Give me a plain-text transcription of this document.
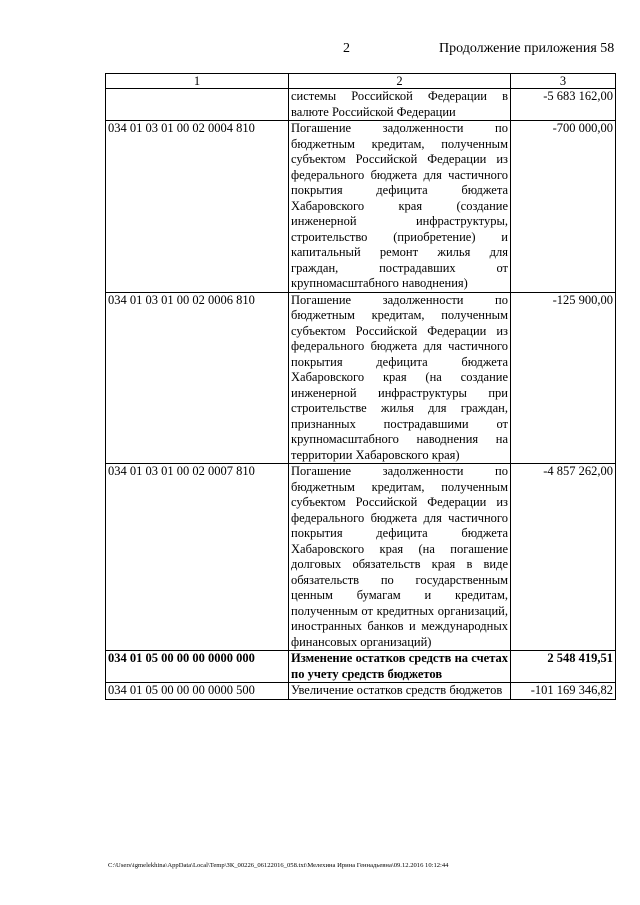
2	Продолжение приложения 58
1	2	3
	системы Российской Федерации в валюте Российской Федерации	-5 683 162,00
034 01 03 01 00 02 0004 810	Погашение задолженности по бюджетным кредитам, полученным субъектом Российской Федерации из федерального бюджета для частичного покрытия дефицита бюджета Хабаровского края (создание инженерной инфраструктуры, строительство (приобретение) и капитальный ремонт жилья для граждан, пострадавших от крупномасштабного наводнения)	-700 000,00
034 01 03 01 00 02 0006 810	Погашение задолженности по бюджетным кредитам, полученным субъектом Российской Федерации из федерального бюджета для частичного покрытия дефицита бюджета Хабаровского края (на создание инженерной инфраструктуры при строительстве жилья для граждан, признанных пострадавшими от крупномасштабного наводнения на территории Хабаровского края)	-125 900,00
034 01 03 01 00 02 0007 810	Погашение задолженности по бюджетным кредитам, полученным субъектом Российской Федерации из федерального бюджета для частичного покрытия дефицита бюджета Хабаровского края (на погашение долговых обязательств края в виде обязательств по государственным ценным бумагам и кредитам, полученным от кредитных организаций, иностранных банков и международных финансовых организаций)	-4 857 262,00
034 01 05 00 00 00 0000 000	Изменение остатков средств на счетах по учету средств бюджетов	2 548 419,51
034 01 05 00 00 00 0000 500	Увеличение остатков средств бюджетов	-101 169 346,82
C:\Users\igmelekhina\AppData\Local\Temp\ЗК_00226_06122016_058.txt\Мелехина Ирина Геннадьевна\09.12.2016 10:12:44
